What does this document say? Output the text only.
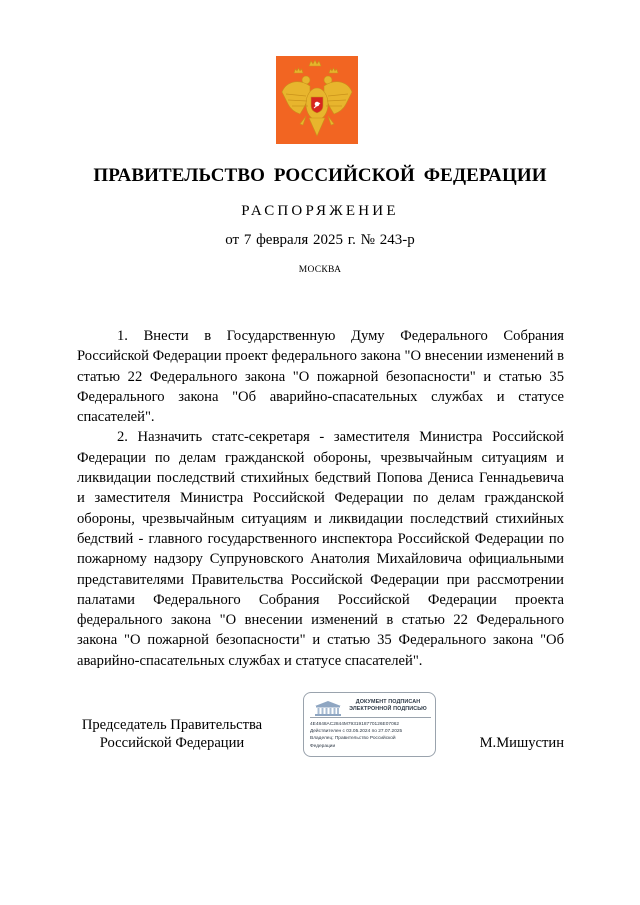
ПРАВИТЕЛЬСТВО РОССИЙСКОЙ ФЕДЕРАЦИИ
РАСПОРЯЖЕНИЕ
от 7 февраля 2025 г. № 243-р
МОСКВА

1. Внести в Государственную Думу Федерального Собрания Российской Федерации проект федерального закона "О внесении изменений в статью 22 Федерального закона "О пожарной безопасности" и статью 35 Федерального закона "Об аварийно-спасательных службах и статусе спасателей".

2. Назначить статс-секретаря - заместителя Министра Российской Федерации по делам гражданской обороны, чрезвычайным ситуациям и ликвидации последствий стихийных бедствий Попова Дениса Геннадьевича и заместителя Министра Российской Федерации по делам гражданской обороны, чрезвычайным ситуациям и ликвидации последствий стихийных бедствий - главного государственного инспектора Российской Федерации по пожарному надзору Супруновского Анатолия Михайловича официальными представителями Правительства Российской Федерации при рассмотрении палатами Федерального Собрания Российской Федерации проекта федерального закона "О внесении изменений в статью 22 Федерального закона "О пожарной безопасности" и статью 35 Федерального закона "Об аварийно-спасательных службах и статусе спасателей".

Председатель Правительства
Российской Федерации
ДОКУМЕНТ ПОДПИСАН
ЭЛЕКТРОННОЙ ПОДПИСЬЮ
4E4848AC2844M7931918770126E07062
Действителен с 03.05.2024 по 27.07.2025
Владелец: Правительство Российской
Федерации	М.Мишустин
